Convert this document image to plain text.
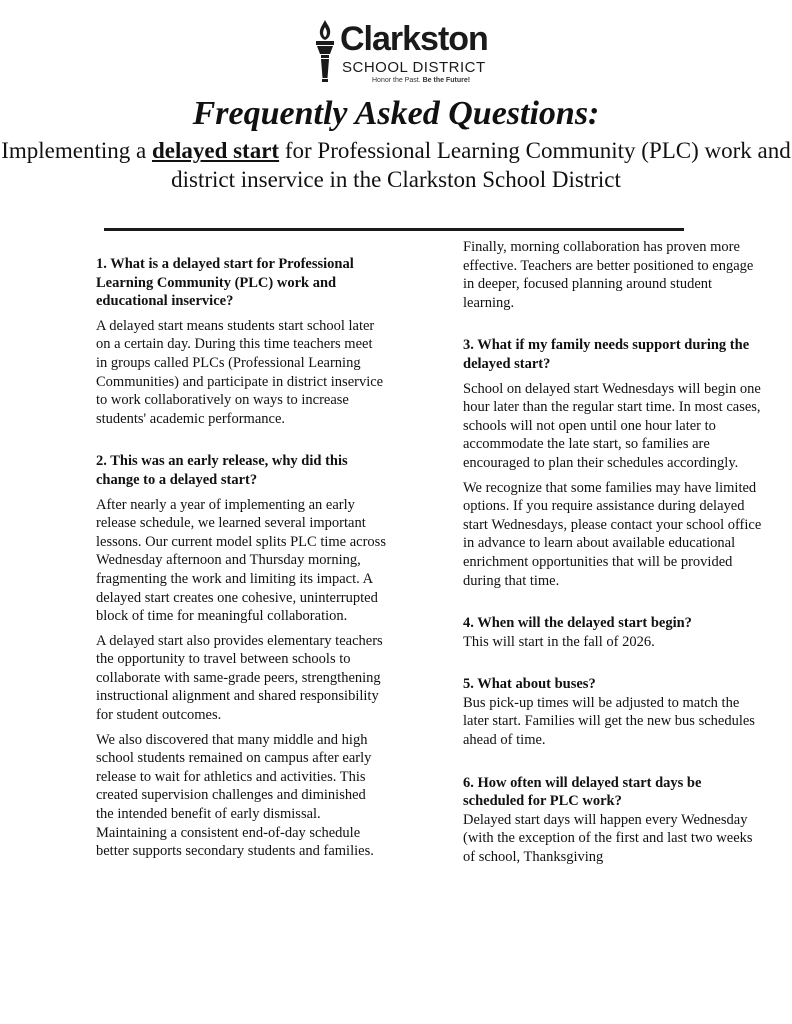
Clarkston
SCHOOL DISTRICT
Honor the Past. Be the Future!
Frequently Asked Questions:
Implementing a delayed start for Professional Learning Community (PLC) work and district inservice in the Clarkston School District
1. What is a delayed start for Professional Learning Community (PLC) work and educational inservice?
A delayed start means students start school later on a certain day. During this time teachers meet in groups called PLCs (Professional Learning Communities) and participate in district inservice to work collaboratively on ways to increase students' academic performance.
2. This was an early release, why did this change to a delayed start?
After nearly a year of implementing an early release schedule, we learned several important lessons. Our current model splits PLC time across Wednesday afternoon and Thursday morning, fragmenting the work and limiting its impact. A delayed start creates one cohesive, uninterrupted block of time for meaningful collaboration.
A delayed start also provides elementary teachers the opportunity to travel between schools to collaborate with same-grade peers, strengthening instructional alignment and shared responsibility for student outcomes.
We also discovered that many middle and high school students remained on campus after early release to wait for athletics and activities. This created supervision challenges and diminished the intended benefit of early dismissal. Maintaining a consistent end-of-day schedule better supports secondary students and families.
Finally, morning collaboration has proven more effective. Teachers are better positioned to engage in deeper, focused planning around student learning.
3. What if my family needs support during the delayed start?
School on delayed start Wednesdays will begin one hour later than the regular start time. In most cases, schools will not open until one hour later to accommodate the late start, so families are encouraged to plan their schedules accordingly.
We recognize that some families may have limited options. If you require assistance during delayed start Wednesdays, please contact your school office in advance to learn about available educational enrichment opportunities that will be provided during that time.
4. When will the delayed start begin?
This will start in the fall of 2026.
5. What about buses?
Bus pick-up times will be adjusted to match the later start. Families will get the new bus schedules ahead of time.
6. How often will delayed start days be scheduled for PLC work?
Delayed start days will happen every Wednesday (with the exception of the first and last two weeks of school, Thanksgiving
